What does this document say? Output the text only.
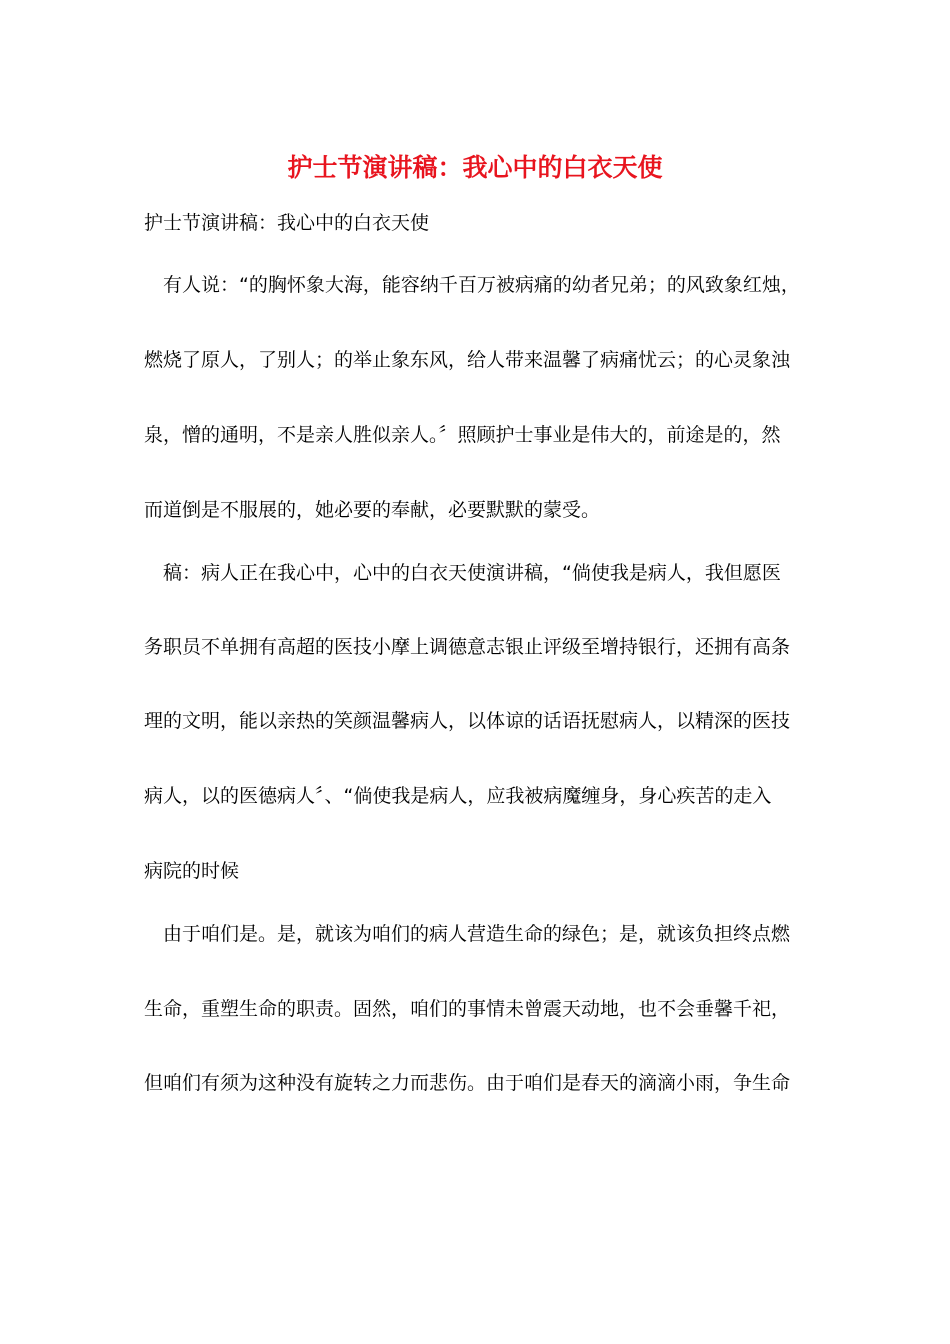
护士节演讲稿：我心中的白衣天使

护士节演讲稿：我心中的白衣天使

有人说：“的胸怀象大海，能容纳千百万被病痛的幼者兄弟；的风致象红烛，

燃烧了原人，了别人；的举止象东风，给人带来温馨了病痛忧云；的心灵象浊

泉，憎的通明，不是亲人胜似亲人。〞照顾护士事业是伟大的，前途是的，然

而道倒是不服展的，她必要的奉献，必要默默的蒙受。

稿：病人正在我心中，心中的白衣天使演讲稿，“倘使我是病人，我但愿医

务职员不单拥有高超的医技小摩上调德意志银止评级至增持银行，还拥有高条

理的文明，能以亲热的笑颜温馨病人，以体谅的话语抚慰病人，以精深的医技

病人，以的医德病人〞、“倘使我是病人，应我被病魔缠身，身心疾苦的走入

病院的时候

由于咱们是。是，就该为咱们的病人营造生命的绿色；是，就该负担终点燃

生命，重塑生命的职责。固然，咱们的事情未曾震天动地，也不会垂馨千祀，

但咱们有须为这种没有旋转之力而悲伤。由于咱们是春天的滴滴小雨，争生命
